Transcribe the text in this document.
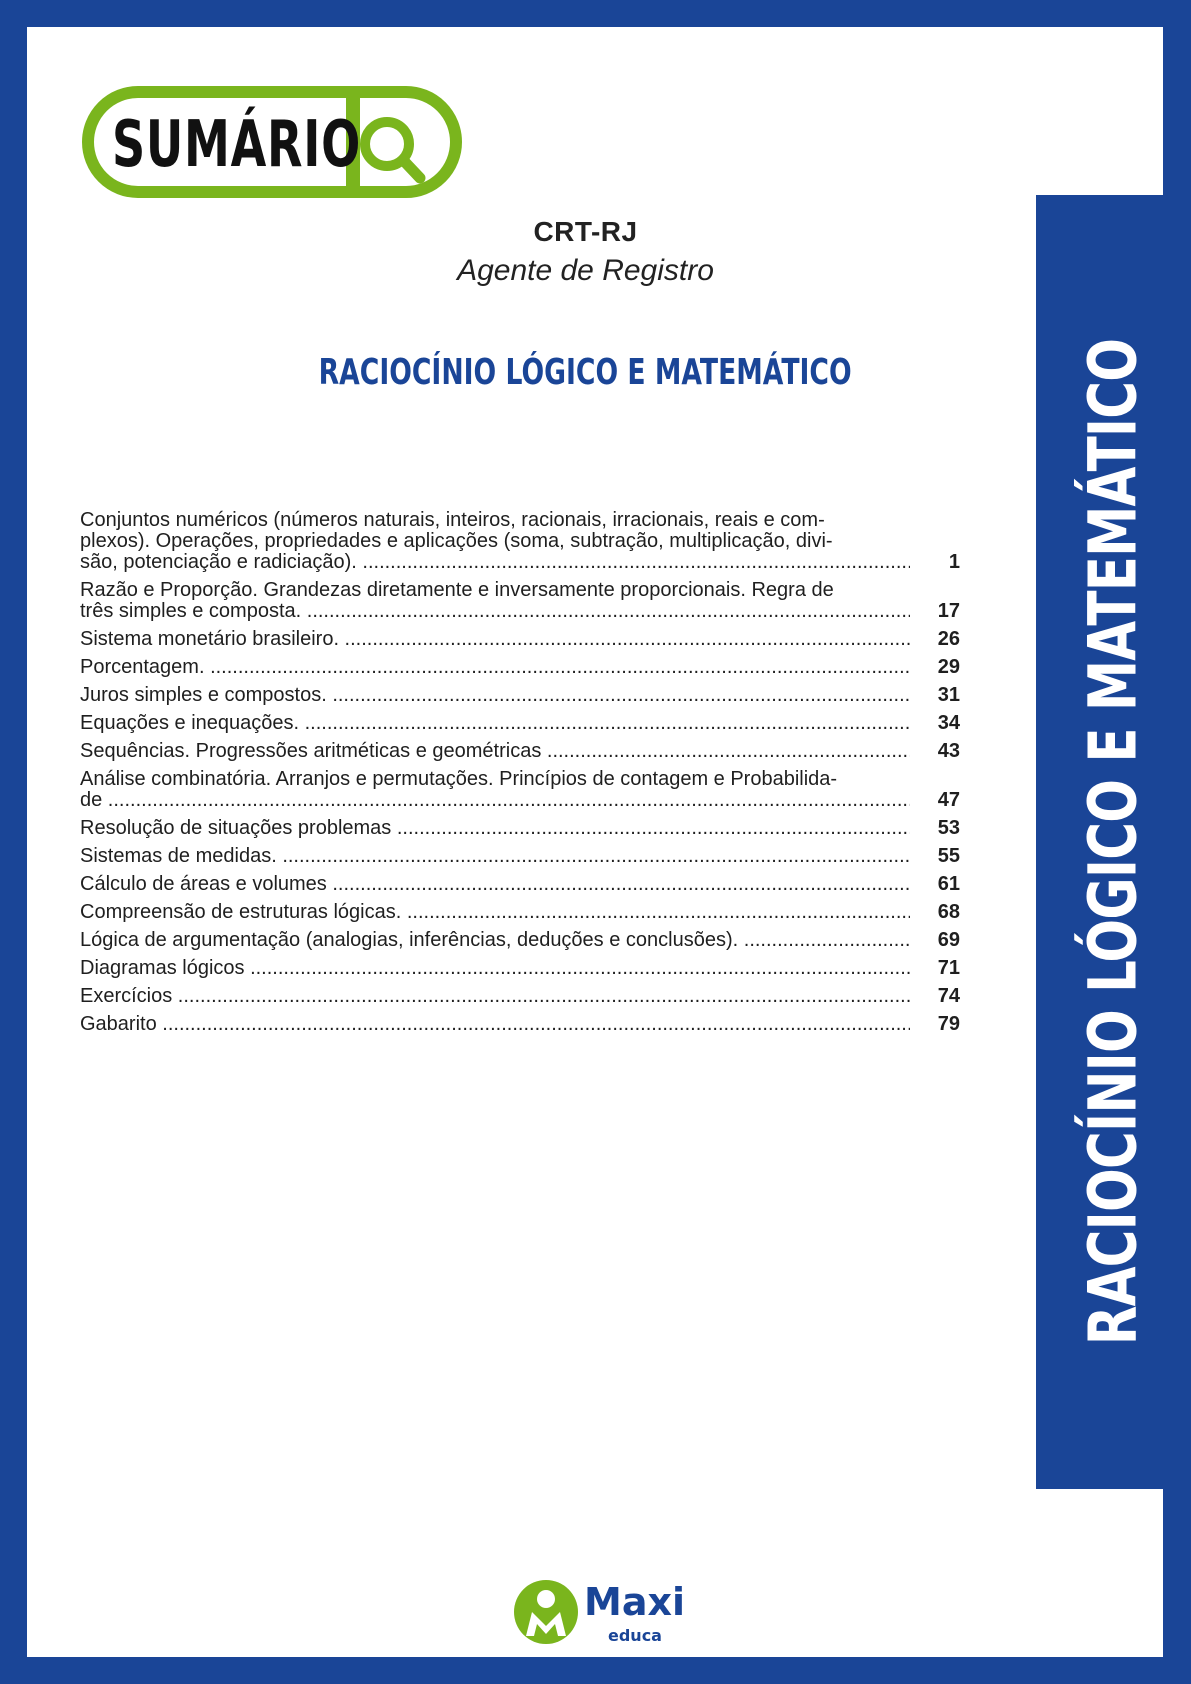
RACIOCÍNIO LÓGICO E MATEMÁTICO
SUMÁRIO
CRT-RJ
Agente de Registro
RACIOCÍNIO LÓGICO E MATEMÁTICO
Conjuntos numéricos (números naturais, inteiros, racionais, irracionais, reais e com-
plexos). Operações, propriedades e aplicações (soma, subtração, multiplicação, divi-
são, potenciação e radiciação). .....	1
Razão e Proporção. Grandezas diretamente e inversamente proporcionais. Regra de
três simples e composta. .....	17
Sistema monetário brasileiro. .....	26
Porcentagem. .....	29
Juros simples e compostos. .....	31
Equações e inequações. .....	34
Sequências. Progressões aritméticas e geométricas .....	43
Análise combinatória. Arranjos e permutações. Princípios de contagem e Probabilida-
de .....	47
Resolução de situações problemas .....	53
Sistemas de medidas. .....	55
Cálculo de áreas e volumes .....	61
Compreensão de estruturas lógicas. .....	68
Lógica de argumentação (analogias, inferências, deduções e conclusões). .....	69
Diagramas lógicos .....	71
Exercícios .....	74
Gabarito .....	79
Maxi
educa
